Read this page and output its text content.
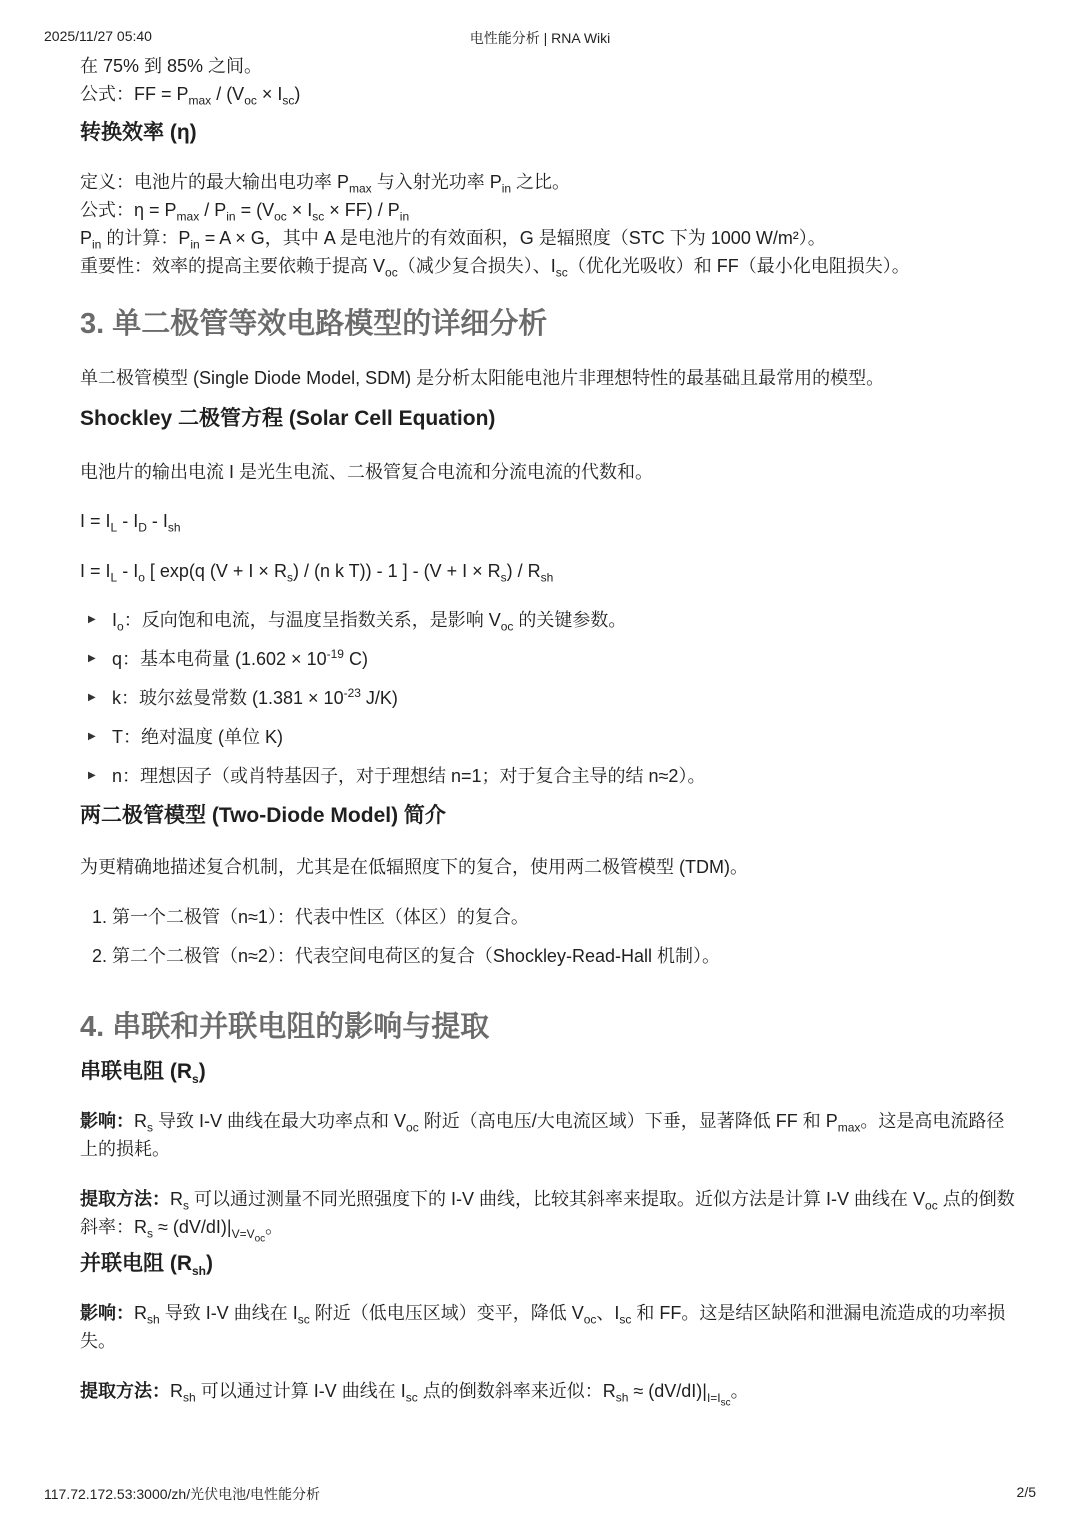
2025/11/27 05:40	电性能分析 | RNA Wiki

在 75% 到 85% 之间。

公式：FF = $P_{max} / (V_{oc} \times I_{sc})$

转换效率 (η)

定义：电池片的最大输出电功率 $P_{max}$ 与入射光功率 $P_{in}$ 之比。

公式：$\eta = P_{max} / P_{in} = (V_{oc} \times I_{sc} \times FF) / P_{in}$

$P_{in}$ 的计算：$P_{in} = A \times G$，其中 A 是电池片的有效面积，G 是辐照度（STC 下为 1000 W/m²）。

重要性：效率的提高主要依赖于提高 $V_{oc}$（减少复合损失）、$I_{sc}$（优化光吸收）和 FF（最小化电阻损失）。

3. 单二极管等效电路模型的详细分析

单二极管模型 (Single Diode Model, SDM) 是分析太阳能电池片非理想特性的最基础且最常用的模型。

Shockley 二极管方程 (Solar Cell Equation)

电池片的输出电流 I 是光生电流、二极管复合电流和分流电流的代数和。

$I = I_L - I_D - I_{sh}$

$I = I_L - I_o$ [ exp(q $(V + I \times R_s) / (n$ k T)) - 1 ] - $(V + I \times R_s) / R_{sh}$

▶ $I_o$：反向饱和电流，与温度呈指数关系，是影响 $V_{oc}$ 的关键参数。
▶ q：基本电荷量 ($1.602 \times 10^{-19}$ C)
▶ k：玻尔兹曼常数 ($1.381 \times 10^{-23}$ J/K)
▶ T：绝对温度 (单位 K)
▶ n：理想因子（或肖特基因子，对于理想结 n=1；对于复合主导的结 n≈2）。
两二极管模型 (Two-Diode Model) 简介

为更精确地描述复合机制，尤其是在低辐照度下的复合，使用两二极管模型 (TDM)。

1. 第一个二极管（n≈1）：代表中性区（体区）的复合。
2. 第二个二极管（n≈2）：代表空间电荷区的复合（Shockley-Read-Hall 机制）。
4. 串联和并联电阻的影响与提取
串联电阻 $(R_s)$

影响：$R_s$ 导致 I-V 曲线在最大功率点和 $V_{oc}$ 附近（高电压/大电流区域）下垂，显著降低 FF 和 $P_{max}$。这是高电流路径上的损耗。

提取方法：$R_s$ 可以通过测量不同光照强度下的 I-V 曲线，比较其斜率来提取。近似方法是计算 I-V 曲线在 $V_{oc}$ 点的倒数斜率：$R_s \approx (dV/dI)|_{V=V_{oc}}$。

并联电阻 $(R_{sh})$

影响：$R_{sh}$ 导致 I-V 曲线在 $I_{sc}$ 附近（低电压区域）变平，降低 $V_{oc}$、$I_{sc}$ 和 FF。这是结区缺陷和泄漏电流造成的功率损失。

提取方法：$R_{sh}$ 可以通过计算 I-V 曲线在 $I_{sc}$ 点的倒数斜率来近似：$R_{sh} \approx (dV/dI)|_{I=I_{sc}}$。

117.72.172.53:3000/zh/光伏电池/电性能分析	2/5
